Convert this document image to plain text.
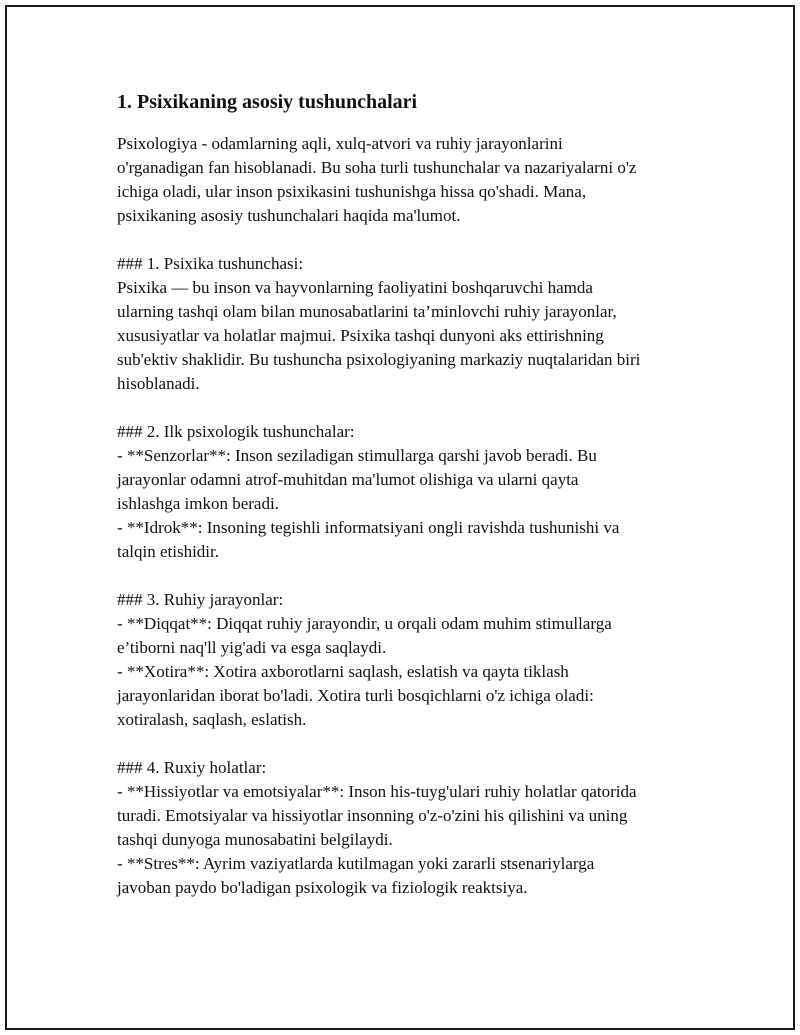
1. Psixikaning asosiy tushunchalari

Psixologiya - odamlarning aqli, xulq-atvori va ruhiy jarayonlarini
o'rganadigan fan hisoblanadi. Bu soha turli tushunchalar va nazariyalarni o'z
ichiga oladi, ular inson psixikasini tushunishga hissa qo'shadi. Mana,
psixikaning asosiy tushunchalari haqida ma'lumot.

### 1. Psixika tushunchasi:
Psixika — bu inson va hayvonlarning faoliyatini boshqaruvchi hamda
ularning tashqi olam bilan munosabatlarini ta’minlovchi ruhiy jarayonlar,
xususiyatlar va holatlar majmui. Psixika tashqi dunyoni aks ettirishning
sub'ektiv shaklidir. Bu tushuncha psixologiyaning markaziy nuqtalaridan biri
hisoblanadi.

### 2. Ilk psixologik tushunchalar:
- **Senzorlar**: Inson seziladigan stimullarga qarshi javob beradi. Bu
jarayonlar odamni atrof-muhitdan ma'lumot olishiga va ularni qayta
ishlashga imkon beradi.
- **Idrok**: Insoning tegishli informatsiyani ongli ravishda tushunishi va
talqin etishidir.

### 3. Ruhiy jarayonlar:
- **Diqqat**: Diqqat ruhiy jarayondir, u orqali odam muhim stimullarga
e’tiborni naq'll yig'adi va esga saqlaydi.
- **Xotira**: Xotira axborotlarni saqlash, eslatish va qayta tiklash
jarayonlaridan iborat bo'ladi. Xotira turli bosqichlarni o'z ichiga oladi:
xotiralash, saqlash, eslatish.

### 4. Ruxiy holatlar:
- **Hissiyotlar va emotsiyalar**: Inson his-tuyg'ulari ruhiy holatlar qatorida
turadi. Emotsiyalar va hissiyotlar insonning o'z-o'zini his qilishini va uning
tashqi dunyoga munosabatini belgilaydi.
- **Stres**: Ayrim vaziyatlarda kutilmagan yoki zararli stsenariylarga
javoban paydo bo'ladigan psixologik va fiziologik reaktsiya.
